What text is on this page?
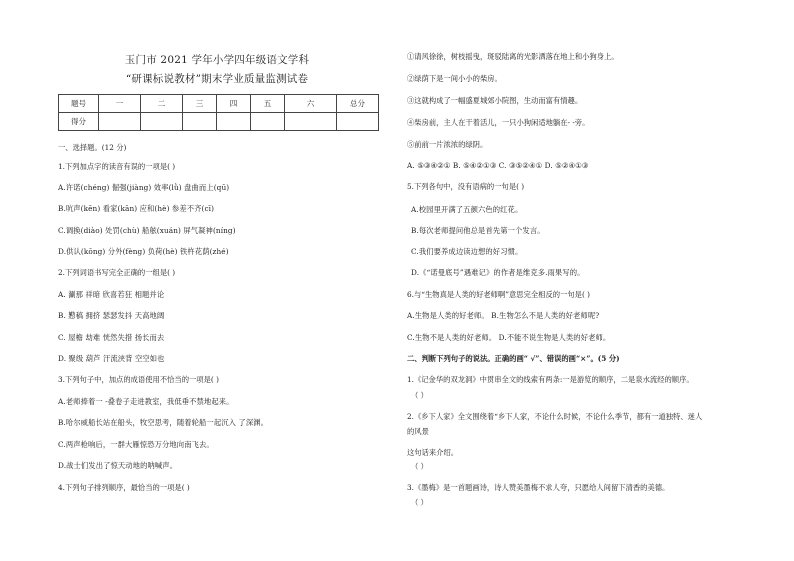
玉门市 2021 学年小学四年级语文学科
“研课标说教材”期末学业质量监测试卷
题号	一	二	三	四	五	六	总分
得分							
一、选择题。(12 分)
1.下列加点字的读音有误的一项是( )
A.许诺(chéng) 倔强(jiàng) 效率(lǜ) 盘曲而上(qū)
B.吭声(kēn) 看家(kān) 应和(hè) 参差不齐(cī)
C.调换(diào) 处罚(chù) 船舷(xuán) 屏气凝神(níng)
D.供认(kōng) 分外(fèng) 负荷(hè) 铁杵花荫(zhé)
2.下列词语书写完全正确的一组是( )
A. 涮那 祥暗 欣喜若狂 相题并论
B. 懃稿 拥挤 瑟瑟发抖 天高地阔
C. 屋檐 劫难 恍然失措 扬长而去
D. 聚级 葫芦 汗流浃背 空空如也
3.下列句子中，加点的成语使用不恰当的一项是( )
A.老师捧着一 -叠卷子走进教室，我低垂不禁地起来。
B.哈尔威船长站在船头，牧空思考，随着轮船一起沉入 了深渊。
C.两声枪响后，一群大雁惊恐万分地向南飞去。
D.战士们发出了惊天动地的呐喊声。
4.下列句子排列顺序，最恰当的一项是( )
①请风徐徐，树枝摇曳，斑驳陆离的光影洒落在地上和小狗身上。
②绿荫下是一间小小的柴房。
③这就构成了一幅盛夏城郊小院图，生动而富有情趣。
④柴房前，主人在干着活儿，一只小狗闲适地躺在- -旁。
⑤前前一片浓浓的绿阴。
A. ⑤③④②① B. ⑤④②①③ C. ③⑤②④① D. ⑤②④①③
5.下列各句中，没有语病的一句是( )
A.校园里开满了五颜六色的红花。
B.每次老师提问他总是首先第一个发言。
C.我们要养成边读边想的好习惯。
D.《“诺曼底号”遇难记》的作者是维克多.雨果写的。
6.与“生物真是人类的好老师啊”意思完全相反的一句是( )
A.生物是人类的好老师。 B.生物怎么不是人类的好老师呢?
C.生物不是人类的好老师。 D.不能不说生物是人类的好老师。
二、判断下列句子的说法。正确的画“ √”、错误的画“×”。(5 分)
1.《记金华的双龙洞》中贯串全文的线索有两条:一是游览的顺序，二是泉水流经的顺序。
（ ）
2.《乡下人家》全文围绕着“乡下人家，不论什么时候，不论什么季节，都有一道独特、迷人
的风景
这句话来介绍。
（ ）
3.《墨梅》是一首题画诗，诗人赞美墨梅不求人夸，只愿给人间留下清香的美德。
（ ）
